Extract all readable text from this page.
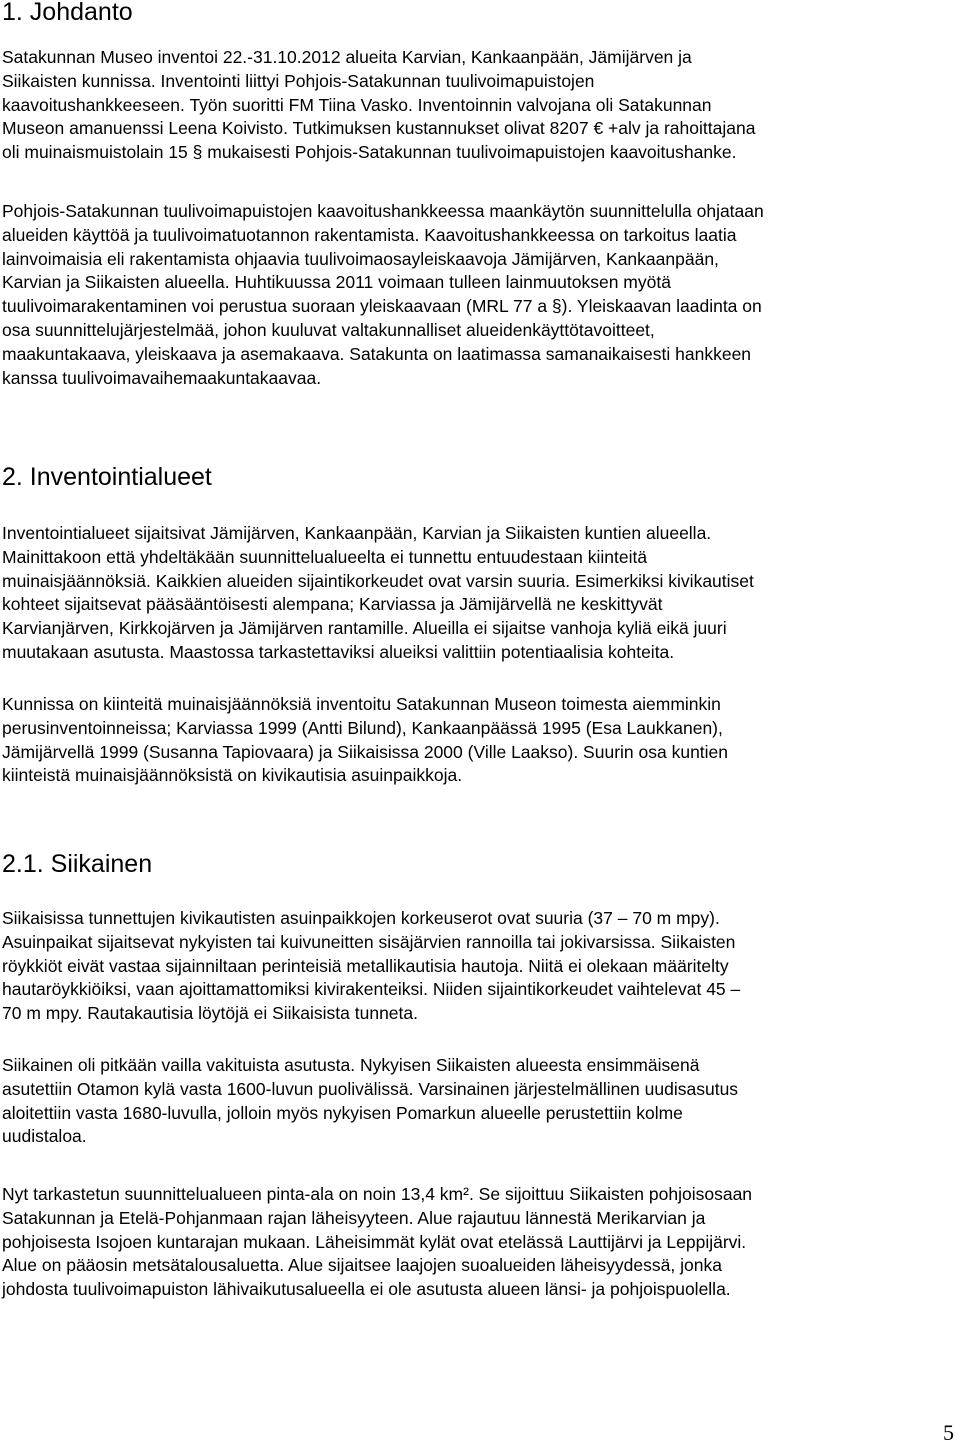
1. Johdanto
Satakunnan Museo inventoi 22.-31.10.2012 alueita Karvian, Kankaanpään, Jämijärven ja
Siikaisten kunnissa. Inventointi liittyi Pohjois-Satakunnan tuulivoimapuistojen
kaavoitushankkeeseen. Työn suoritti FM Tiina Vasko. Inventoinnin valvojana oli Satakunnan
Museon amanuenssi Leena Koivisto. Tutkimuksen kustannukset olivat 8207 € +alv ja rahoittajana
oli muinaismuistolain 15 § mukaisesti Pohjois-Satakunnan tuulivoimapuistojen kaavoitushanke.
Pohjois-Satakunnan tuulivoimapuistojen kaavoitushankkeessa maankäytön suunnittelulla ohjataan
alueiden käyttöä ja tuulivoimatuotannon rakentamista. Kaavoitushankkeessa on tarkoitus laatia
lainvoimaisia eli rakentamista ohjaavia tuulivoimaosayleiskaavoja Jämijärven, Kankaanpään,
Karvian ja Siikaisten alueella. Huhtikuussa 2011 voimaan tulleen lainmuutoksen myötä
tuulivoimarakentaminen voi perustua suoraan yleiskaavaan (MRL 77 a §). Yleiskaavan laadinta on
osa suunnittelujärjestelmää, johon kuuluvat valtakunnalliset alueidenkäyttötavoitteet,
maakuntakaava, yleiskaava ja asemakaava. Satakunta on laatimassa samanaikaisesti hankkeen
kanssa tuulivoimavaihemaakuntakaavaa.
2. Inventointialueet
Inventointialueet sijaitsivat Jämijärven, Kankaanpään, Karvian ja Siikaisten kuntien alueella.
Mainittakoon että yhdeltäkään suunnittelualueelta ei tunnettu entuudestaan kiinteitä
muinaisjäännöksiä. Kaikkien alueiden sijaintikorkeudet ovat varsin suuria. Esimerkiksi kivikautiset
kohteet sijaitsevat pääsääntöisesti alempana; Karviassa ja Jämijärvellä ne keskittyvät
Karvianjärven, Kirkkojärven ja Jämijärven rantamille. Alueilla ei sijaitse vanhoja kyliä eikä juuri
muutakaan asutusta. Maastossa tarkastettaviksi alueiksi valittiin potentiaalisia kohteita.
Kunnissa on kiinteitä muinaisjäännöksiä inventoitu Satakunnan Museon toimesta aiemminkin
perusinventoinneissa; Karviassa 1999 (Antti Bilund), Kankaanpäässä 1995 (Esa Laukkanen),
Jämijärvellä 1999 (Susanna Tapiovaara) ja Siikaisissa 2000 (Ville Laakso). Suurin osa kuntien
kiinteistä muinaisjäännöksistä on kivikautisia asuinpaikkoja.
2.1. Siikainen
Siikaisissa tunnettujen kivikautisten asuinpaikkojen korkeuserot ovat suuria (37 – 70 m mpy).
Asuinpaikat sijaitsevat nykyisten tai kuivuneitten sisäjärvien rannoilla tai jokivarsissa. Siikaisten
röykkiöt eivät vastaa sijainniltaan perinteisiä metallikautisia hautoja. Niitä ei olekaan määritelty
hautaröykkiöiksi, vaan ajoittamattomiksi kivirakenteiksi. Niiden sijaintikorkeudet vaihtelevat 45 –
70 m mpy. Rautakautisia löytöjä ei Siikaisista tunneta.
Siikainen oli pitkään vailla vakituista asutusta. Nykyisen Siikaisten alueesta ensimmäisenä
asutettiin Otamon kylä vasta 1600-luvun puolivälissä. Varsinainen järjestelmällinen uudisasutus
aloitettiin vasta 1680-luvulla, jolloin myös nykyisen Pomarkun alueelle perustettiin kolme
uudistaloa.
Nyt tarkastetun suunnittelualueen pinta-ala on noin 13,4 km². Se sijoittuu Siikaisten pohjoisosaan
Satakunnan ja Etelä-Pohjanmaan rajan läheisyyteen. Alue rajautuu lännestä Merikarvian ja
pohjoisesta Isojoen kuntarajan mukaan. Läheisimmät kylät ovat etelässä Lauttijärvi ja Leppijärvi.
Alue on pääosin metsätalousaluetta. Alue sijaitsee laajojen suoalueiden läheisyydessä, jonka
johdosta tuulivoimapuiston lähivaikutusalueella ei ole asutusta alueen länsi- ja pohjoispuolella.
5
